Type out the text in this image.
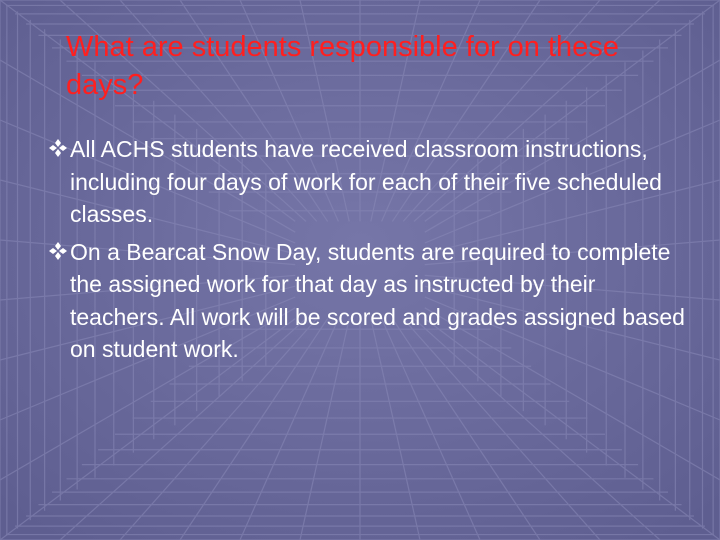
What are students responsible for on these days?
All ACHS students have received classroom instructions, including four days of work for each of their five scheduled classes.
On a Bearcat Snow Day, students are required to complete the assigned work for that day as instructed by their teachers. All work will be scored and grades assigned based on student work.
